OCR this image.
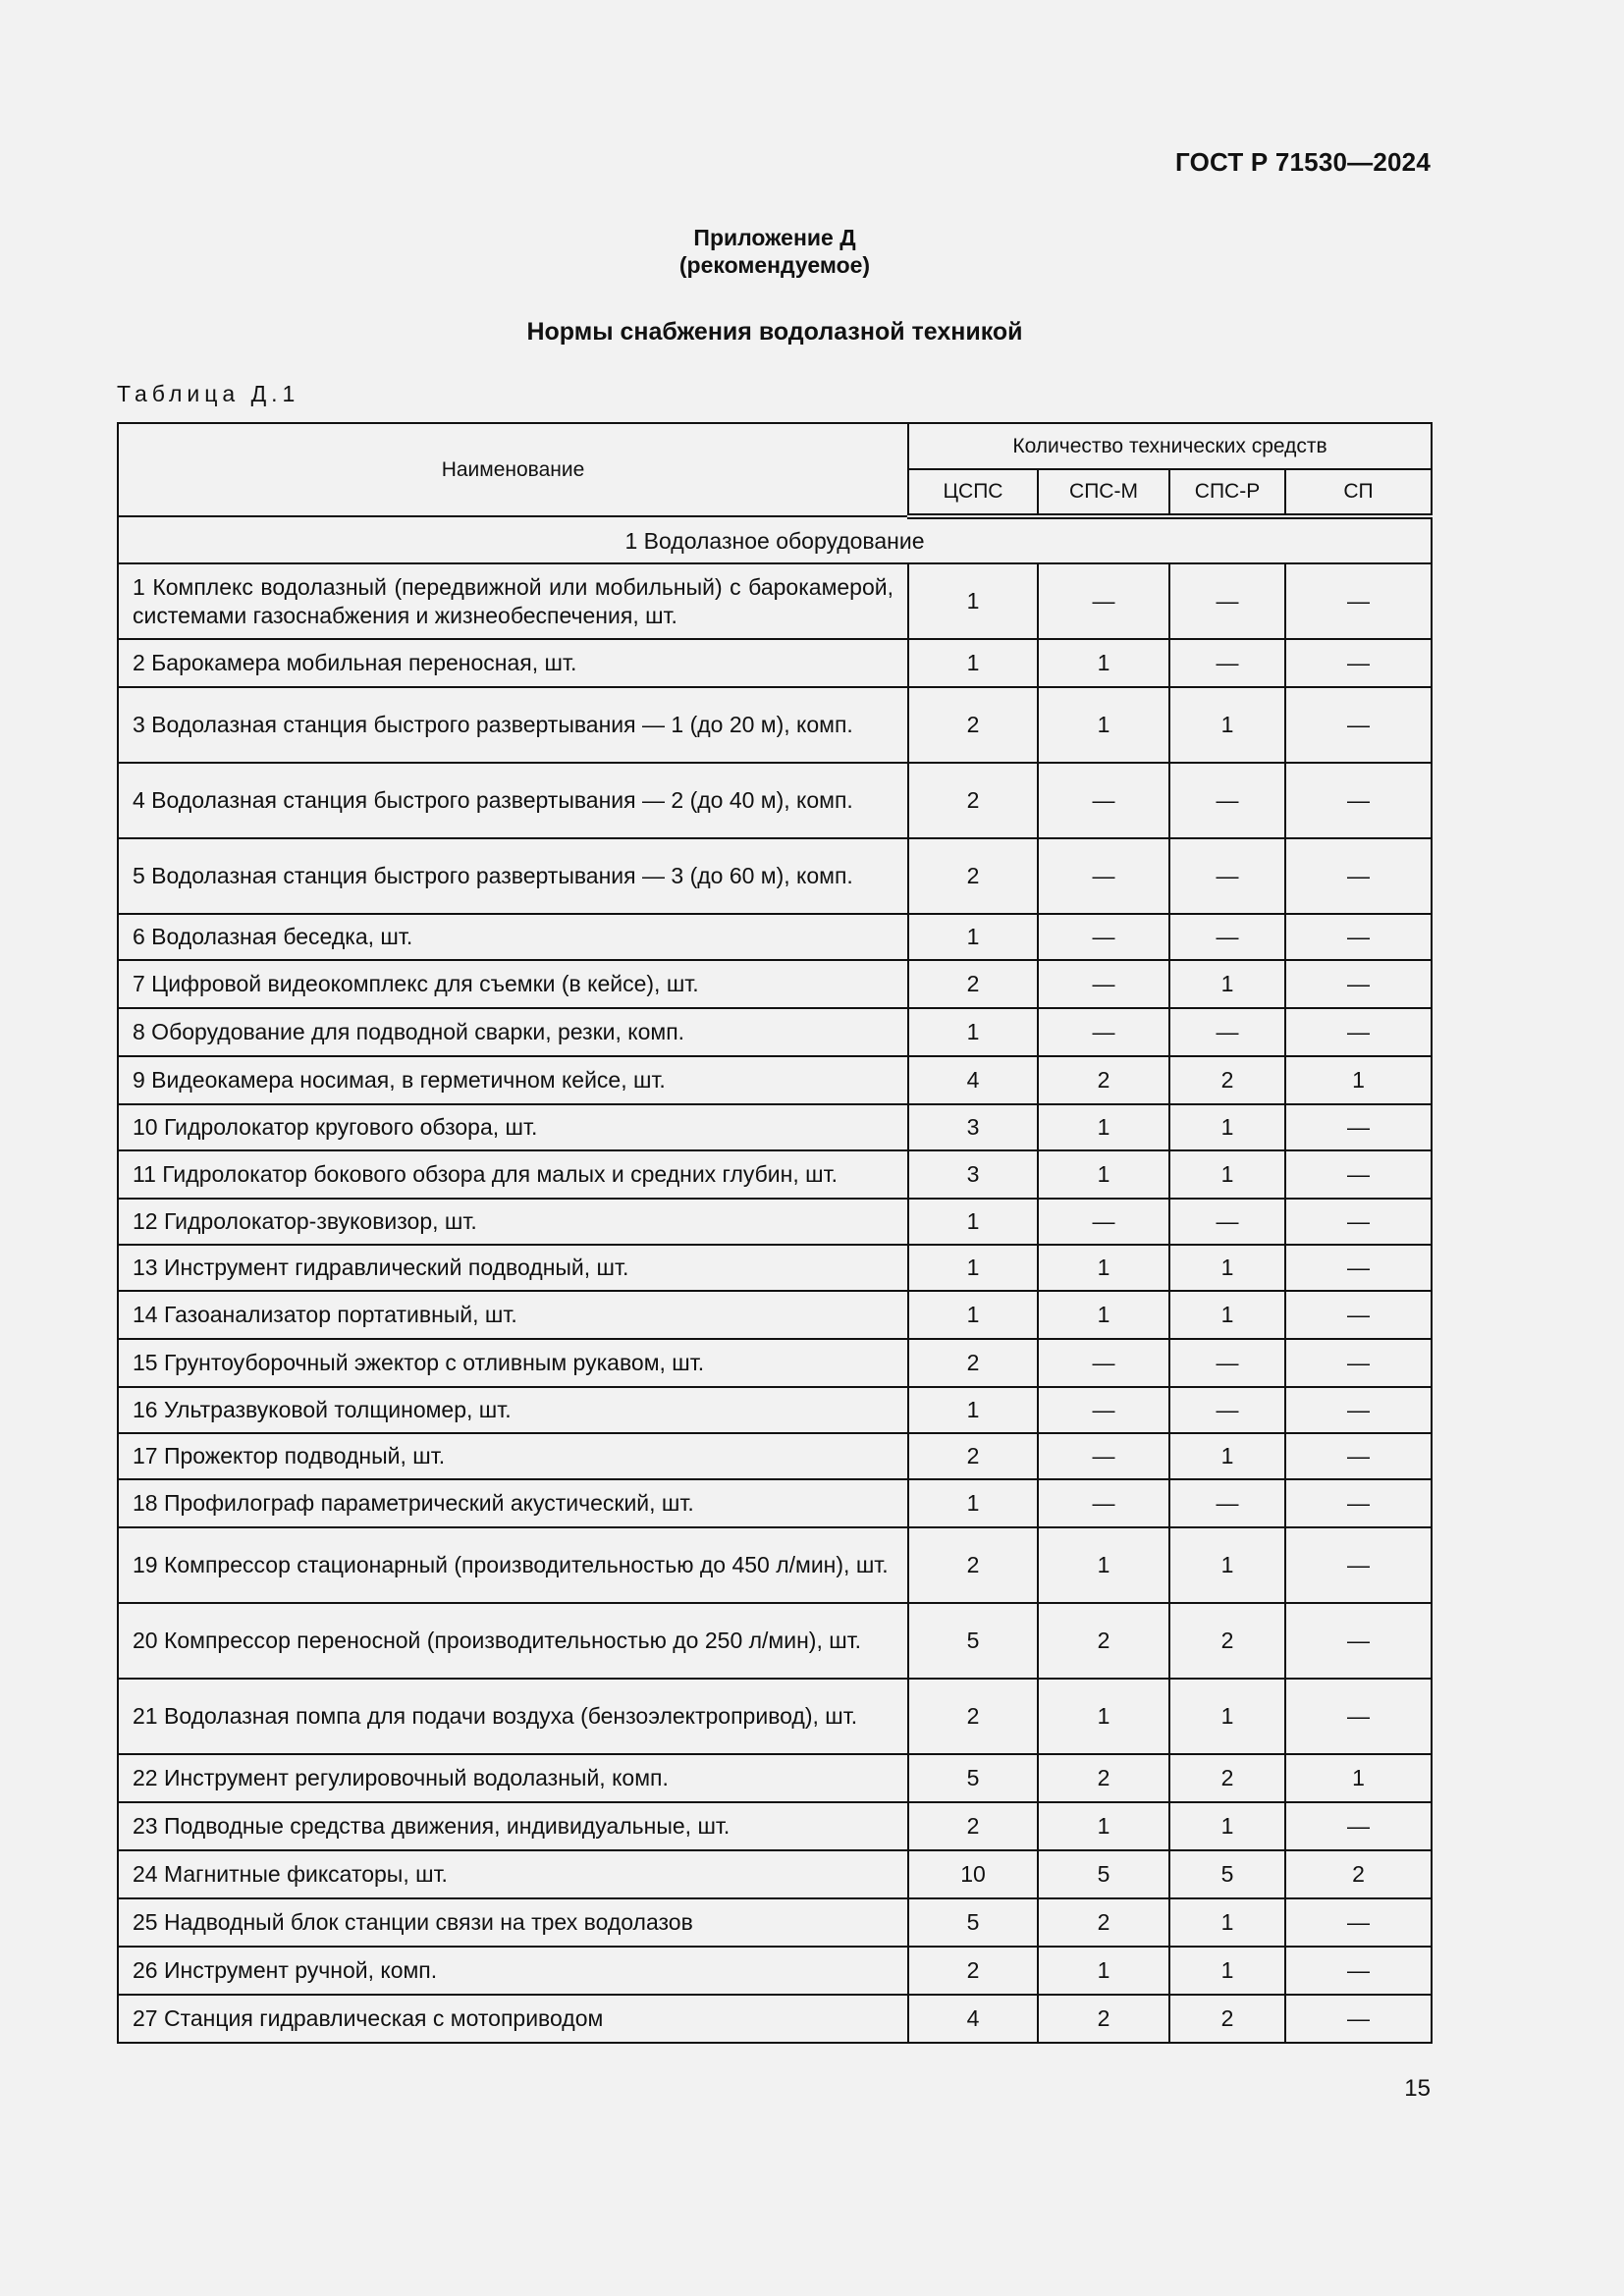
ГОСТ Р 71530—2024
Приложение Д
(рекомендуемое)
Нормы снабжения водолазной техникой
Таблица Д.1
Наименование	Количество технических средств			
	ЦСПС	СПС-М	СПС-Р	СП
1 Водолазное оборудование				
1 Комплекс водолазный (передвижной или мобильный) с барокамерой, системами газоснабжения и жизнеобеспечения, шт.	1	—	—	—
2 Барокамера мобильная переносная, шт.	1	1	—	—
3 Водолазная станция быстрого развертывания — 1 (до 20 м), комп.	2	1	1	—
4 Водолазная станция быстрого развертывания — 2 (до 40 м), комп.	2	—	—	—
5 Водолазная станция быстрого развертывания — 3 (до 60 м), комп.	2	—	—	—
6 Водолазная беседка, шт.	1	—	—	—
7 Цифровой видеокомплекс для съемки (в кейсе), шт.	2	—	1	—
8 Оборудование для подводной сварки, резки, комп.	1	—	—	—
9 Видеокамера носимая, в герметичном кейсе, шт.	4	2	2	1
10 Гидролокатор кругового обзора, шт.	3	1	1	—
11 Гидролокатор бокового обзора для малых и средних глубин, шт.	3	1	1	—
12 Гидролокатор-звуковизор, шт.	1	—	—	—
13 Инструмент гидравлический подводный, шт.	1	1	1	—
14 Газоанализатор портативный, шт.	1	1	1	—
15 Грунтоуборочный эжектор с отливным рукавом, шт.	2	—	—	—
16 Ультразвуковой толщиномер, шт.	1	—	—	—
17 Прожектор подводный, шт.	2	—	1	—
18 Профилограф параметрический акустический, шт.	1	—	—	—
19 Компрессор стационарный (производительностью до 450 л/мин), шт.	2	1	1	—
20 Компрессор переносной (производительностью до 250 л/мин), шт.	5	2	2	—
21 Водолазная помпа для подачи воздуха (бензоэлектропривод), шт.	2	1	1	—
22 Инструмент регулировочный водолазный, комп.	5	2	2	1
23 Подводные средства движения, индивидуальные, шт.	2	1	1	—
24 Магнитные фиксаторы, шт.	10	5	5	2
25 Надводный блок станции связи на трех водолазов	5	2	1	—
26 Инструмент ручной, комп.	2	1	1	—
27 Станция гидравлическая с мотоприводом	4	2	2	—
15
